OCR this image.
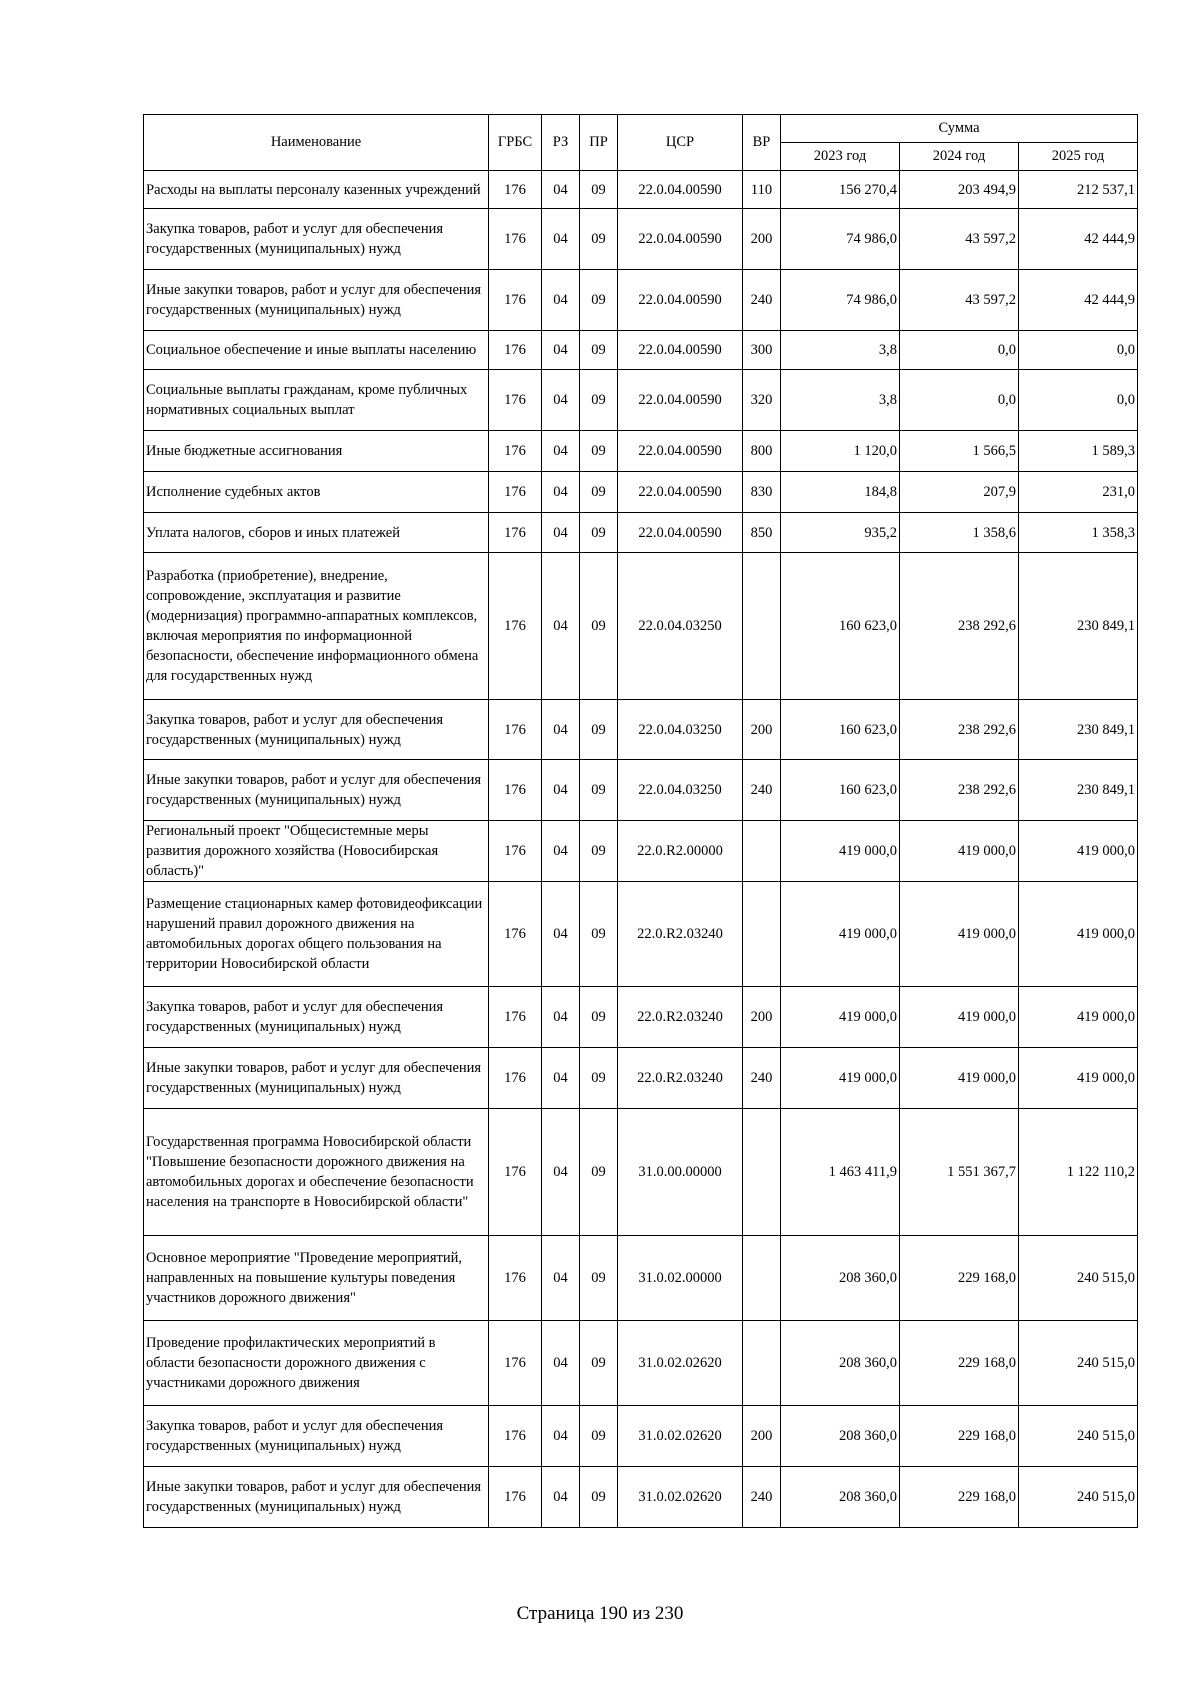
Наименование	ГРБС	РЗ	ПР	ЦСР	ВР	Сумма		
						2023 год	2024 год	2025 год
Расходы на выплаты персоналу казенных учреждений	176	04	09	22.0.04.00590	110	156 270,4	203 494,9	212 537,1
Закупка товаров, работ и услуг для обеспечения государственных (муниципальных) нужд	176	04	09	22.0.04.00590	200	74 986,0	43 597,2	42 444,9
Иные закупки товаров, работ и услуг для обеспечения государственных (муниципальных) нужд	176	04	09	22.0.04.00590	240	74 986,0	43 597,2	42 444,9
Социальное обеспечение и иные выплаты населению	176	04	09	22.0.04.00590	300	3,8	0,0	0,0
Социальные выплаты гражданам, кроме публичных нормативных социальных выплат	176	04	09	22.0.04.00590	320	3,8	0,0	0,0
Иные бюджетные ассигнования	176	04	09	22.0.04.00590	800	1 120,0	1 566,5	1 589,3
Исполнение судебных актов	176	04	09	22.0.04.00590	830	184,8	207,9	231,0
Уплата налогов, сборов и иных платежей	176	04	09	22.0.04.00590	850	935,2	1 358,6	1 358,3
Разработка (приобретение), внедрение, сопровождение, эксплуатация и развитие (модернизация) программно-аппаратных комплексов, включая мероприятия по информационной безопасности, обеспечение информационного обмена для государственных нужд	176	04	09	22.0.04.03250		160 623,0	238 292,6	230 849,1
Закупка товаров, работ и услуг для обеспечения государственных (муниципальных) нужд	176	04	09	22.0.04.03250	200	160 623,0	238 292,6	230 849,1
Иные закупки товаров, работ и услуг для обеспечения государственных (муниципальных) нужд	176	04	09	22.0.04.03250	240	160 623,0	238 292,6	230 849,1
Региональный проект "Общесистемные меры развития дорожного хозяйства (Новосибирская область)"	176	04	09	22.0.R2.00000		419 000,0	419 000,0	419 000,0
Размещение стационарных камер фотовидеофиксации нарушений правил дорожного движения на автомобильных дорогах общего пользования на территории Новосибирской области	176	04	09	22.0.R2.03240		419 000,0	419 000,0	419 000,0
Закупка товаров, работ и услуг для обеспечения государственных (муниципальных) нужд	176	04	09	22.0.R2.03240	200	419 000,0	419 000,0	419 000,0
Иные закупки товаров, работ и услуг для обеспечения государственных (муниципальных) нужд	176	04	09	22.0.R2.03240	240	419 000,0	419 000,0	419 000,0
Государственная программа Новосибирской области "Повышение безопасности дорожного движения на автомобильных дорогах и обеспечение безопасности населения на транспорте в Новосибирской области"	176	04	09	31.0.00.00000		1 463 411,9	1 551 367,7	1 122 110,2
Основное мероприятие "Проведение мероприятий, направленных на повышение культуры поведения участников дорожного движения"	176	04	09	31.0.02.00000		208 360,0	229 168,0	240 515,0
Проведение профилактических мероприятий в области безопасности дорожного движения с участниками дорожного движения	176	04	09	31.0.02.02620		208 360,0	229 168,0	240 515,0
Закупка товаров, работ и услуг для обеспечения государственных (муниципальных) нужд	176	04	09	31.0.02.02620	200	208 360,0	229 168,0	240 515,0
Иные закупки товаров, работ и услуг для обеспечения государственных (муниципальных) нужд	176	04	09	31.0.02.02620	240	208 360,0	229 168,0	240 515,0
Страница 190 из 230
